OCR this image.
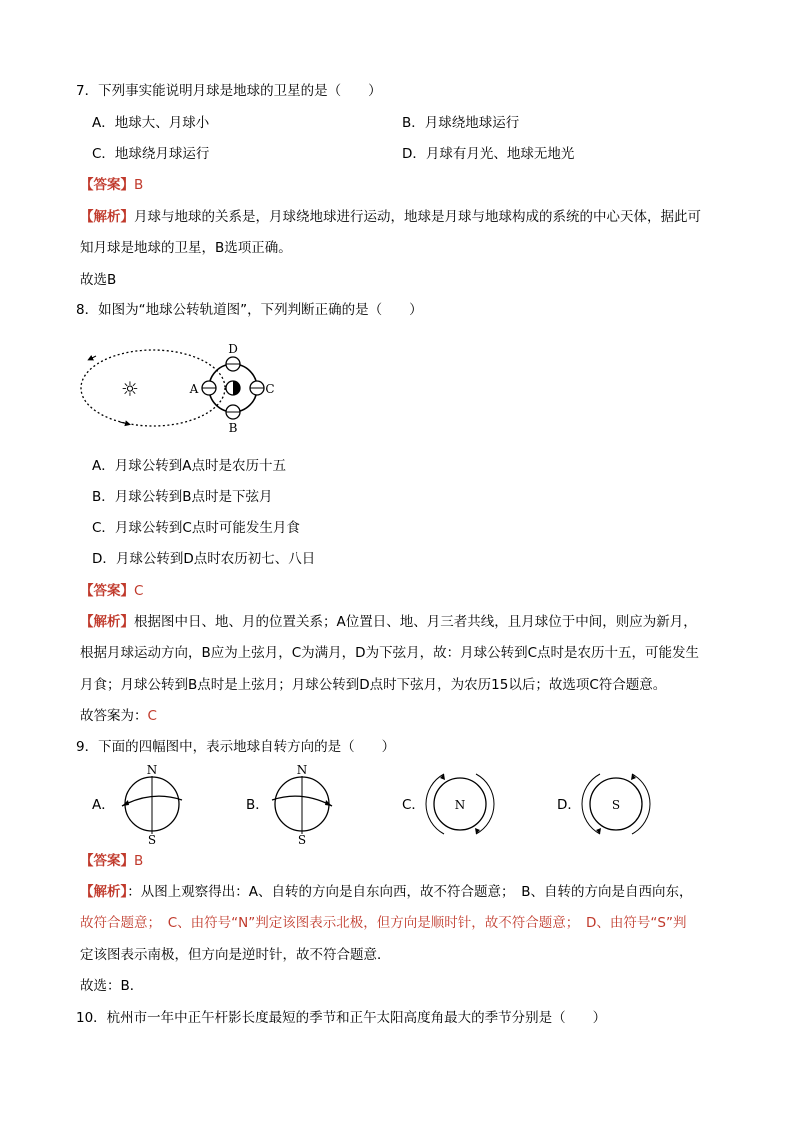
7．下列事实能说明月球是地球的卫星的是（　　）
A．地球大、月球小	B．月球绕地球运行
C．地球绕月球运行	D．月球有月光、地球无地光
【答案】B
【解析】月球与地球的关系是，月球绕地球进行运动，地球是月球与地球构成的系统的中心天体，据此可
知月球是地球的卫星，B选项正确。
故选B
8．如图为“地球公转轨道图”，下列判断正确的是（　　）
☼	A
B
C
D
A．月球公转到A点时是农历十五
B．月球公转到B点时是下弦月
C．月球公转到C点时可能发生月食
D．月球公转到D点时农历初七、八日
【答案】C
【解析】根据图中日、地、月的位置关系；A位置日、地、月三者共线，且月球位于中间，则应为新月，
根据月球运动方向，B应为上弦月，C为满月，D为下弦月，故：月球公转到C点时是农历十五，可能发生
月食；月球公转到B点时是上弦月；月球公转到D点时下弦月，为农历15以后；故选项C符合题意。
故答案为：C
9．下面的四幅图中，表示地球自转方向的是（　　）
A．
N
S
B．
N
S
C． N	D．	S
【答案】B
【解析】：从图上观察得出：A、自转的方向是自东向西，故不符合题意；　B、自转的方向是自西向东，
故符合题意；　C、由符号“N”判定该图表示北极，但方向是顺时针，故不符合题意；　D、由符号“S”判
定该图表示南极，但方向是逆时针，故不符合题意．
故选：B．
10．杭州市一年中正午杆影长度最短的季节和正午太阳高度角最大的季节分别是（　　）
